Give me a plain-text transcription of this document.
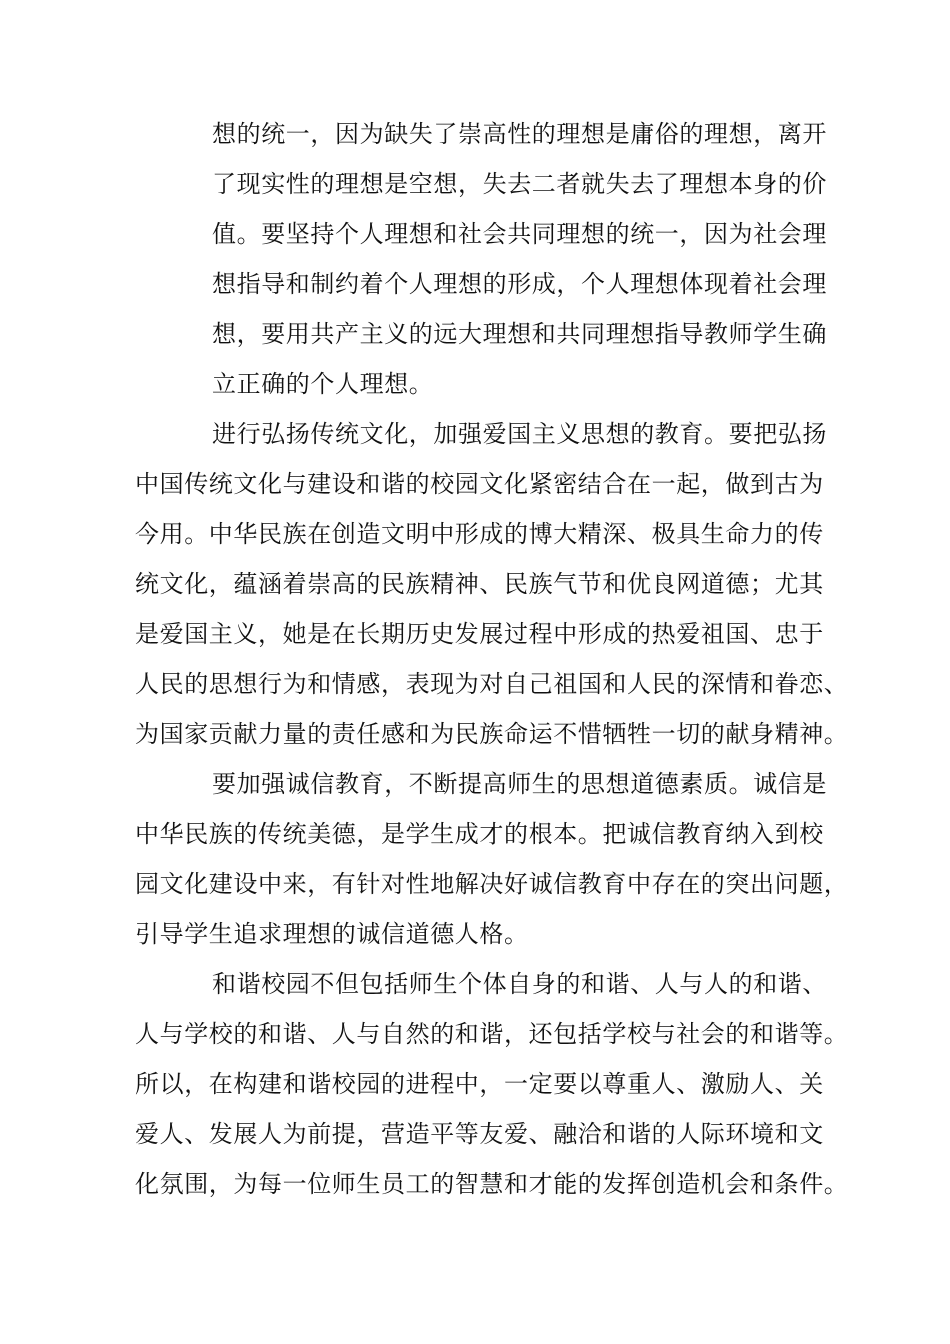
想的统一，因为缺失了崇高性的理想是庸俗的理想，离开
了现实性的理想是空想，失去二者就失去了理想本身的价
值。要坚持个人理想和社会共同理想的统一，因为社会理
想指导和制约着个人理想的形成，个人理想体现着社会理
想，要用共产主义的远大理想和共同理想指导教师学生确
立正确的个人理想。
进行弘扬传统文化，加强爱国主义思想的教育。要把弘扬
中国传统文化与建设和谐的校园文化紧密结合在一起，做到古为
今用。中华民族在创造文明中形成的博大精深、极具生命力的传
统文化，蕴涵着崇高的民族精神、民族气节和优良网道德；尤其
是爱国主义，她是在长期历史发展过程中形成的热爱祖国、忠于
人民的思想行为和情感，表现为对自己祖国和人民的深情和眷恋、
为国家贡献力量的责任感和为民族命运不惜牺牲一切的献身精神。
要加强诚信教育，不断提高师生的思想道德素质。诚信是
中华民族的传统美德，是学生成才的根本。把诚信教育纳入到校
园文化建设中来，有针对性地解决好诚信教育中存在的突出问题，
引导学生追求理想的诚信道德人格。
和谐校园不但包括师生个体自身的和谐、人与人的和谐、
人与学校的和谐、人与自然的和谐，还包括学校与社会的和谐等。
所以，在构建和谐校园的进程中，一定要以尊重人、激励人、关
爱人、发展人为前提，营造平等友爱、融洽和谐的人际环境和文
化氛围，为每一位师生员工的智慧和才能的发挥创造机会和条件。
